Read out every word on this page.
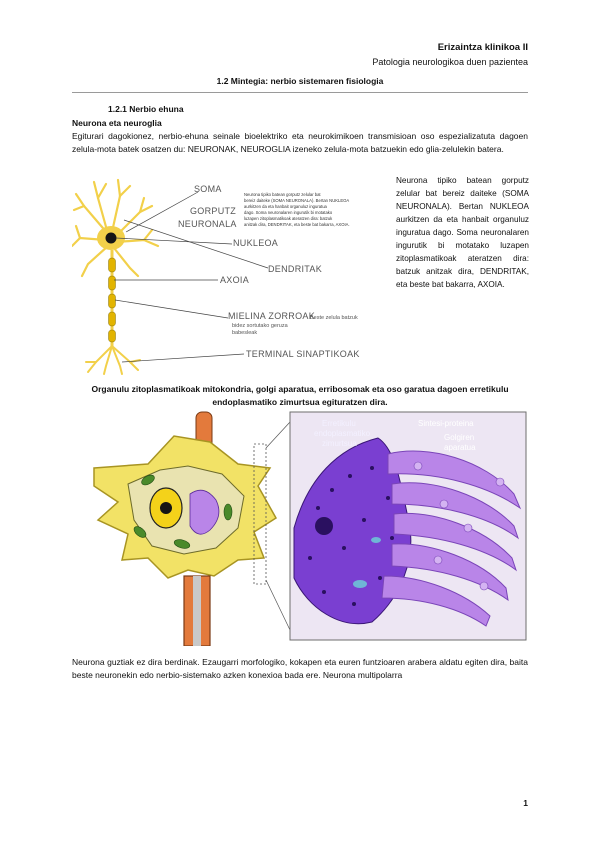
Erizaintza klinikoa II
Patologia neurologikoa duen pazientea
1.2 Mintegia: nerbio sistemaren fisiologia
1.2.1 Nerbio ehuna
Neurona eta neuroglia
Egiturari dagokionez, nerbio-ehuna seinale bioelektriko eta neurokimikoen transmisioan oso espezializatuta dagoen zelula-mota batek osatzen du: NEURONAK, NEUROGLIA izeneko zelula-mota batzuekin edo glia-zelulekin batera.
SOMA
GORPUTZ
NEURONALA
NUKLEOA
DENDRITAK
AXOIA
MIELINA ZORROAK
Beste zelula batzuk
bidez sortutako geruza
babesleak
TERMINAL SINAPTIKOAK
Neurona tipiko batean gorputz zelular bat
bereiz daiteke (SOMA NEURONALA). Bertan NUKLEOA
aurkitzen da eta hanbait organuluz inguratua
dago. Soma neuronalaren ingurutik bi motatako
luzapen zitoplasmatikoak ateratzen dira: batzuk
anitzak dira, DENDRITAK, eta beste bat bakarra, AXOIA.
Neurona tipiko batean gorputz zelular bat bereiz daiteke (SOMA NEURONALA). Bertan NUKLEOA aurkitzen da eta hanbait organuluz inguratua dago. Soma neuronalaren ingurutik bi motatako luzapen zitoplasmatikoak ateratzen dira: batzuk anitzak dira, DENDRITAK, eta beste bat bakarra, AXOIA.
Organulu zitoplasmatikoak mitokondria, golgi aparatua, erribosomak eta oso garatua dagoen erretikulu endoplasmatiko zimurtsua egituratzen dira.
Erretikulu
endoplasmatiko
zimurtsua
Sintesi-proteina
Golgiren
aparatua
Neurona guztiak ez dira berdinak. Ezaugarri morfologiko, kokapen eta euren funtzioaren arabera aldatu egiten dira, baita beste neuronekin edo nerbio-sistemako azken konexioa bada ere. Neurona multipolarra
1
